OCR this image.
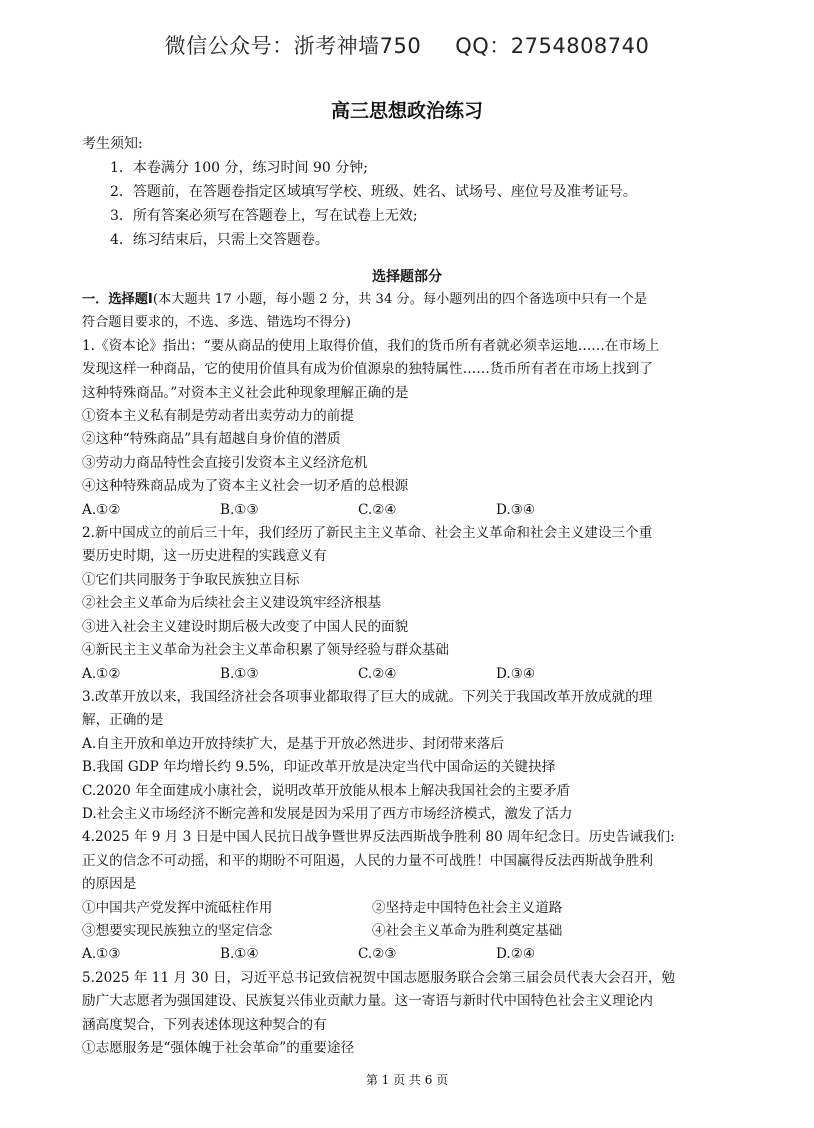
微信公众号：浙考神墙750 QQ：2754808740
高三思想政治练习
考生须知:
1．本卷满分 100 分，练习时间 90 分钟;
2．答题前，在答题卷指定区域填写学校、班级、姓名、试场号、座位号及准考证号。
3．所有答案必须写在答题卷上，写在试卷上无效;
4．练习结束后，只需上交答题卷。
选择题部分

一．选择题Ⅰ(本大题共 17 小题，每小题 2 分，共 34 分。每小题列出的四个备选项中只有一个是

符合题目要求的，不选、多选、错选均不得分)

1.《资本论》指出：“要从商品的使用上取得价值，我们的货币所有者就必须幸运地……在市场上

发现这样一种商品，它的使用价值具有成为价值源泉的独特属性……货币所有者在市场上找到了

这种特殊商品。”对资本主义社会此种现象理解正确的是

①资本主义私有制是劳动者出卖劳动力的前提

②这种“特殊商品”具有超越自身价值的潜质

③劳动力商品特性会直接引发资本主义经济危机

④这种特殊商品成为了资本主义社会一切矛盾的总根源

A.①②	B.①③	C.②④	D.③④

2.新中国成立的前后三十年，我们经历了新民主主义革命、社会主义革命和社会主义建设三个重

要历史时期，这一历史进程的实践意义有

①它们共同服务于争取民族独立目标

②社会主义革命为后续社会主义建设筑牢经济根基

③进入社会主义建设时期后极大改变了中国人民的面貌

④新民主主义革命为社会主义革命积累了领导经验与群众基础

A.①②	B.①③	C.②④	D.③④

3.改革开放以来，我国经济社会各项事业都取得了巨大的成就。下列关于我国改革开放成就的理

解，正确的是

A.自主开放和单边开放持续扩大，是基于开放必然进步、封闭带来落后

B.我国 GDP 年均增长约 9.5%，印证改革开放是决定当代中国命运的关键抉择

C.2020 年全面建成小康社会，说明改革开放能从根本上解决我国社会的主要矛盾

D.社会主义市场经济不断完善和发展是因为采用了西方市场经济模式，激发了活力

4.2025 年 9 月 3 日是中国人民抗日战争暨世界反法西斯战争胜利 80 周年纪念日。历史告诫我们:

正义的信念不可动摇，和平的期盼不可阻遏，人民的力量不可战胜！中国赢得反法西斯战争胜利

的原因是

①中国共产党发挥中流砥柱作用	②坚持走中国特色社会主义道路

③想要实现民族独立的坚定信念	④社会主义革命为胜利奠定基础

A.①③	B.①④	C.②③	D.②④

5.2025 年 11 月 30 日，习近平总书记致信祝贺中国志愿服务联合会第三届会员代表大会召开，勉

励广大志愿者为强国建设、民族复兴伟业贡献力量。这一寄语与新时代中国特色社会主义理论内

涵高度契合，下列表述体现这种契合的有

①志愿服务是“强体魄于社会革命”的重要途径

第 1 页 共 6 页
